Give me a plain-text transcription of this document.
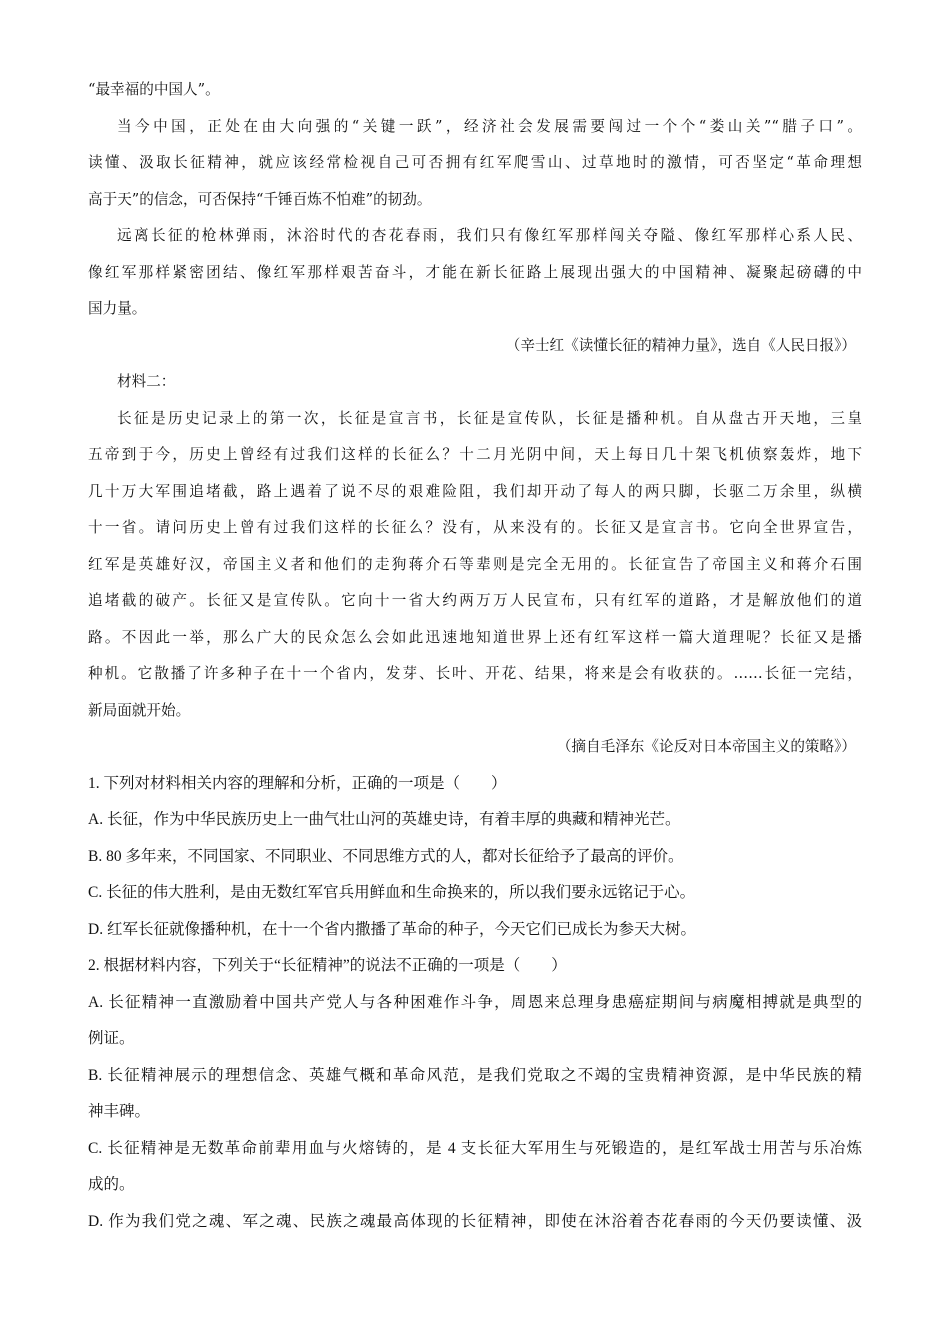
“最幸福的中国人”。
当今中国，正处在由大向强的“关键一跃”，经济社会发展需要闯过一个个“娄山关”“腊子口”。
读懂、汲取长征精神，就应该经常检视自己可否拥有红军爬雪山、过草地时的激情，可否坚定“革命理想
高于天”的信念，可否保持“千锤百炼不怕难”的韧劲。
远离长征的枪林弹雨，沐浴时代的杏花春雨，我们只有像红军那样闯关夺隘、像红军那样心系人民、
像红军那样紧密团结、像红军那样艰苦奋斗，才能在新长征路上展现出强大的中国精神、凝聚起磅礴的中
国力量。
（辛士红《读懂长征的精神力量》，选自《人民日报》）
材料二：
长征是历史记录上的第一次，长征是宣言书，长征是宣传队，长征是播种机。自从盘古开天地，三皇
五帝到于今，历史上曾经有过我们这样的长征么？十二月光阴中间，天上每日几十架飞机侦察轰炸，地下
几十万大军围追堵截，路上遇着了说不尽的艰难险阻，我们却开动了每人的两只脚，长驱二万余里，纵横
十一省。请问历史上曾有过我们这样的长征么？没有，从来没有的。长征又是宣言书。它向全世界宣告，
红军是英雄好汉，帝国主义者和他们的走狗蒋介石等辈则是完全无用的。长征宣告了帝国主义和蒋介石围
追堵截的破产。长征又是宣传队。它向十一省大约两万万人民宣布，只有红军的道路，才是解放他们的道
路。不因此一举，那么广大的民众怎么会如此迅速地知道世界上还有红军这样一篇大道理呢？长征又是播
种机。它散播了许多种子在十一个省内，发芽、长叶、开花、结果，将来是会有收获的。……长征一完结，
新局面就开始。
（摘自毛泽东《论反对日本帝国主义的策略》）
1. 下列对材料相关内容的理解和分析，正确的一项是（　　）
A. 长征，作为中华民族历史上一曲气壮山河的英雄史诗，有着丰厚的典藏和精神光芒。
B. 80 多年来，不同国家、不同职业、不同思维方式的人，都对长征给予了最高的评价。
C. 长征的伟大胜利，是由无数红军官兵用鲜血和生命换来的，所以我们要永远铭记于心。
D. 红军长征就像播种机，在十一个省内撒播了革命的种子，今天它们已成长为参天大树。
2. 根据材料内容，下列关于“长征精神”的说法不正确的一项是（　　）
A. 长征精神一直激励着中国共产党人与各种困难作斗争，周恩来总理身患癌症期间与病魔相搏就是典型的
例证。
B. 长征精神展示的理想信念、英雄气概和革命风范，是我们党取之不竭的宝贵精神资源，是中华民族的精
神丰碑。
C. 长征精神是无数革命前辈用血与火熔铸的，是 4 支长征大军用生与死锻造的，是红军战士用苦与乐冶炼
成的。
D. 作为我们党之魂、军之魂、民族之魂最高体现的长征精神，即使在沐浴着杏花春雨的今天仍要读懂、汲
